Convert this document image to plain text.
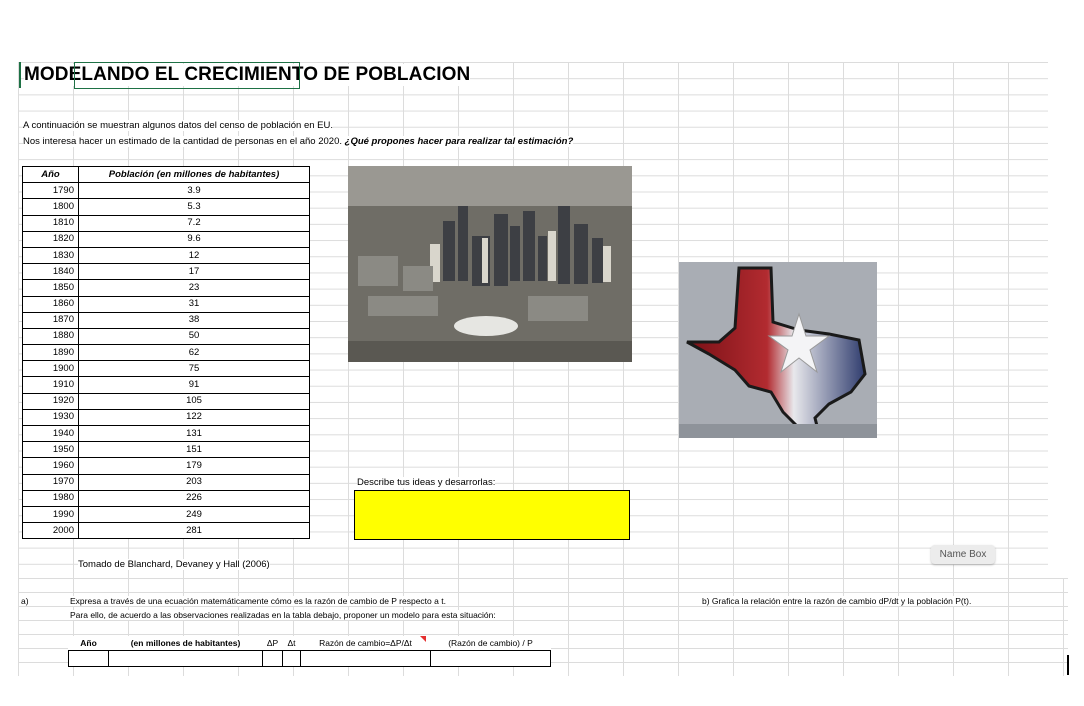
MODELANDO EL CRECIMIENTO DE POBLACION
A continuación se muestran algunos datos del censo de población en EU.
Nos interesa hacer un estimado de la cantidad de personas en el año 2020. ¿Qué propones hacer para realizar tal estimación?
Año	Población (en millones de habitantes)
1790	3.9
1800	5.3
1810	7.2
1820	9.6
1830	12
1840	17
1850	23
1860	31
1870	38
1880	50
1890	62
1900	75
1910	91
1920	105
1930	122
1940	131
1950	151
1960	179
1970	203
1980	226
1990	249
2000	281
Describe tus ideas y desarrorlas:
Name Box
Tomado de Blanchard, Devaney y Hall (2006)
a)	Expresa a través de una ecuación matemáticamente cómo es la razón de cambio de P respecto a t.
Para ello, de acuerdo a las observaciones realizadas en la tabla debajo, proponer un modelo para esta situación:
b) Grafica la relación entre la razón de cambio dP/dt y la población P(t).
Año	(en millones de habitantes)	ΔP	Δt	Razón de cambio=ΔP/Δt	(Razón de cambio) / P
